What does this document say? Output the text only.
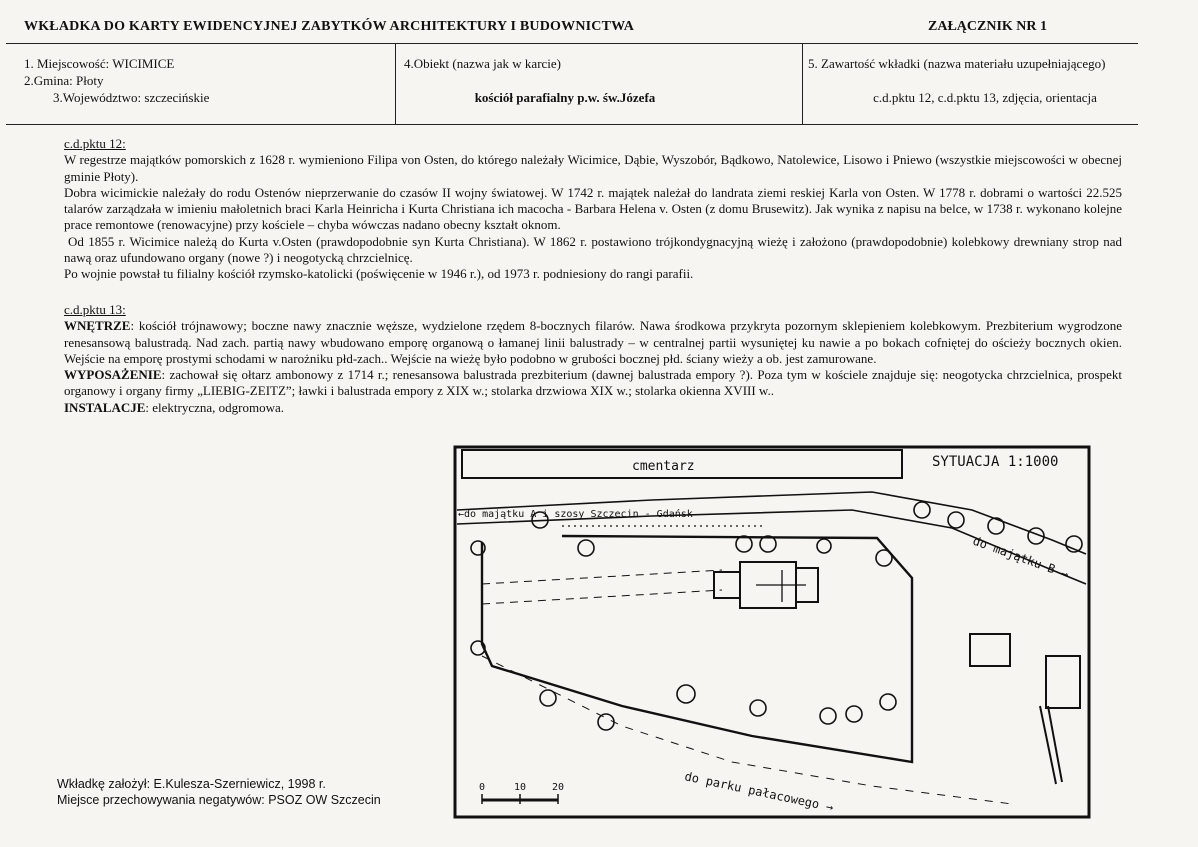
WKŁADKA DO KARTY EWIDENCYJNEJ ZABYTKÓW ARCHITEKTURY I BUDOWNICTWA	ZAŁĄCZNIK NR 1
1. Miejscowość: WICIMICE
2.Gmina: Płoty
3.Województwo: szczecińskie
4.Obiekt (nazwa jak w karcie)
kościół parafialny p.w. św.Józefa
5. Zawartość wkładki (nazwa materiału uzupełniającego)
c.d.pktu 12, c.d.pktu 13, zdjęcia, orientacja

c.d.pktu 12:

W regestrze majątków pomorskich z 1628 r. wymieniono Filipa von Osten, do którego należały Wicimice, Dąbie, Wyszobór, Bądkowo, Natolewice, Lisowo i Pniewo (wszystkie miejscowości w obecnej gminie Płoty).

Dobra wicimickie należały do rodu Ostenów nieprzerwanie do czasów II wojny światowej. W 1742 r. majątek należał do landrata ziemi reskiej Karla von Osten. W 1778 r. dobrami o wartości 22.525 talarów zarządzała w imieniu małoletnich braci Karla Heinricha i Kurta Christiana ich macocha - Barbara Helena v. Osten (z domu Brusewitz). Jak wynika z napisu na belce, w 1738 r. wykonano kolejne prace remontowe (renowacyjne) przy kościele – chyba wówczas nadano obecny kształt oknom.

Od 1855 r. Wicimice należą do Kurta v.Osten (prawdopodobnie syn Kurta Christiana). W 1862 r. postawiono trójkondygnacyjną wieżę i założono (prawdopodobnie) kolebkowy drewniany strop nad nawą oraz ufundowano organy (nowe ?) i neogotycką chrzcielnicę.

Po wojnie powstał tu filialny kościół rzymsko-katolicki (poświęcenie w 1946 r.), od 1973 r. podniesiony do rangi parafii.

c.d.pktu 13:

WNĘTRZE: kościół trójnawowy; boczne nawy znacznie węższe, wydzielone rzędem 8-bocznych filarów. Nawa środkowa przykryta pozornym sklepieniem kolebkowym. Prezbiterium wygrodzone renesansową balustradą. Nad zach. partią nawy wbudowano emporę organową o łamanej linii balustrady – w centralnej partii wysuniętej ku nawie a po bokach cofniętej do ościeży bocznych okien. Wejście na emporę prostymi schodami w narożniku płd-zach.. Wejście na wieżę było podobno w grubości bocznej płd. ściany wieży a ob. jest zamurowane.

WYPOSAŻENIE: zachował się ołtarz ambonowy z 1714 r.; renesansowa balustrada prezbiterium (dawnej balustrada empory ?). Poza tym w kościele znajduje się: neogotycka chrzcielnica, prospekt organowy i organy firmy „LIEBIG-ZEITZ”; ławki i balustrada empory z XIX w.; stolarka drzwiowa XIX w.; stolarka okienna XVIII w..

INSTALACJE: elektryczna, odgromowa.

cmentarz	SYTUACJA 1:1000
←do majątku A i szosy Szczecin - Gdańsk
do majątku B →
do parku pałacowego →
0	10	20
Wkładkę założył: E.Kulesza-Szerniewicz, 1998 r.
Miejsce przechowywania negatywów: PSOZ OW Szczecin
